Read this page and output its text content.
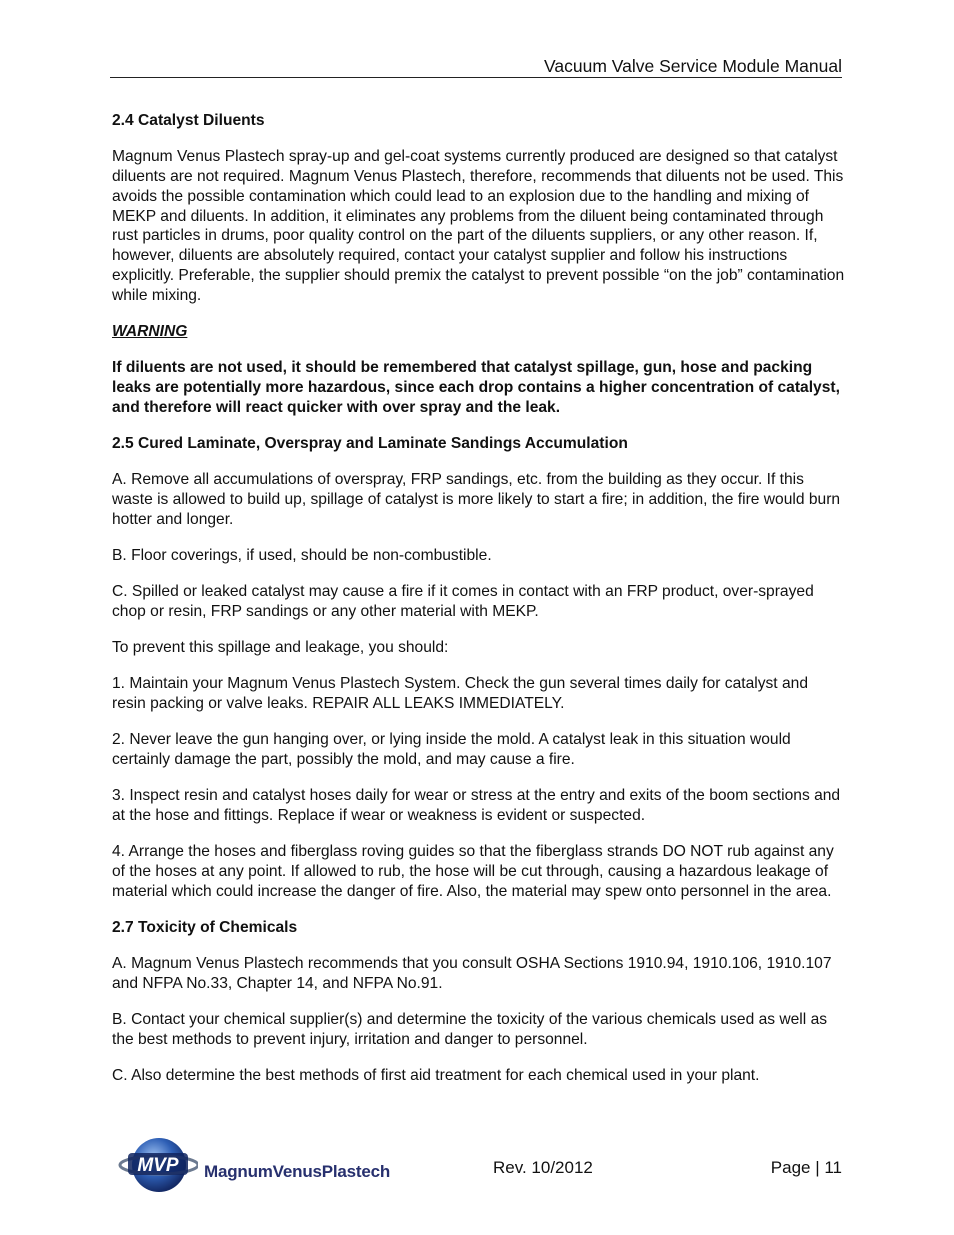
Vacuum Valve Service Module Manual

2.4 Catalyst Diluents

Magnum Venus Plastech spray-up and gel-coat systems currently produced are designed so that catalyst diluents are not required. Magnum Venus Plastech, therefore, recommends that diluents not be used. This avoids the possible contamination which could lead to an explosion due to the handling and mixing of MEKP and diluents. In addition, it eliminates any problems from the diluent being contaminated through rust particles in drums, poor quality control on the part of the diluents suppliers, or any other reason. If, however, diluents are absolutely required, contact your catalyst supplier and follow his instructions explicitly. Preferable, the supplier should premix the catalyst to prevent possible “on the job” contamination while mixing.

WARNING

If diluents are not used, it should be remembered that catalyst spillage, gun, hose and packing leaks are potentially more hazardous, since each drop contains a higher concentration of catalyst, and therefore will react quicker with over spray and the leak.

2.5 Cured Laminate, Overspray and Laminate Sandings Accumulation

A. Remove all accumulations of overspray, FRP sandings, etc. from the building as they occur. If this waste is allowed to build up, spillage of catalyst is more likely to start a fire; in addition, the fire would burn hotter and longer.

B. Floor coverings, if used, should be non-combustible.

C. Spilled or leaked catalyst may cause a fire if it comes in contact with an FRP product, over-sprayed chop or resin, FRP sandings or any other material with MEKP.

To prevent this spillage and leakage, you should:

1. Maintain your Magnum Venus Plastech System. Check the gun several times daily for catalyst and resin packing or valve leaks. REPAIR ALL LEAKS IMMEDIATELY.

2. Never leave the gun hanging over, or lying inside the mold. A catalyst leak in this situation would certainly damage the part, possibly the mold, and may cause a fire.

3. Inspect resin and catalyst hoses daily for wear or stress at the entry and exits of the boom sections and at the hose and fittings. Replace if wear or weakness is evident or suspected.

4. Arrange the hoses and fiberglass roving guides so that the fiberglass strands DO NOT rub against any of the hoses at any point. If allowed to rub, the hose will be cut through, causing a hazardous leakage of material which could increase the danger of fire. Also, the material may spew onto personnel in the area.

2.7 Toxicity of Chemicals

A. Magnum Venus Plastech recommends that you consult OSHA Sections 1910.94, 1910.106, 1910.107 and NFPA No.33, Chapter 14, and NFPA No.91.

B. Contact your chemical supplier(s) and determine the toxicity of the various chemicals used as well as the best methods to prevent injury, irritation and danger to personnel.

C. Also determine the best methods of first aid treatment for each chemical used in your plant.

MVP MagnumVenusPlastech	Rev. 10/2012	Page | 11
